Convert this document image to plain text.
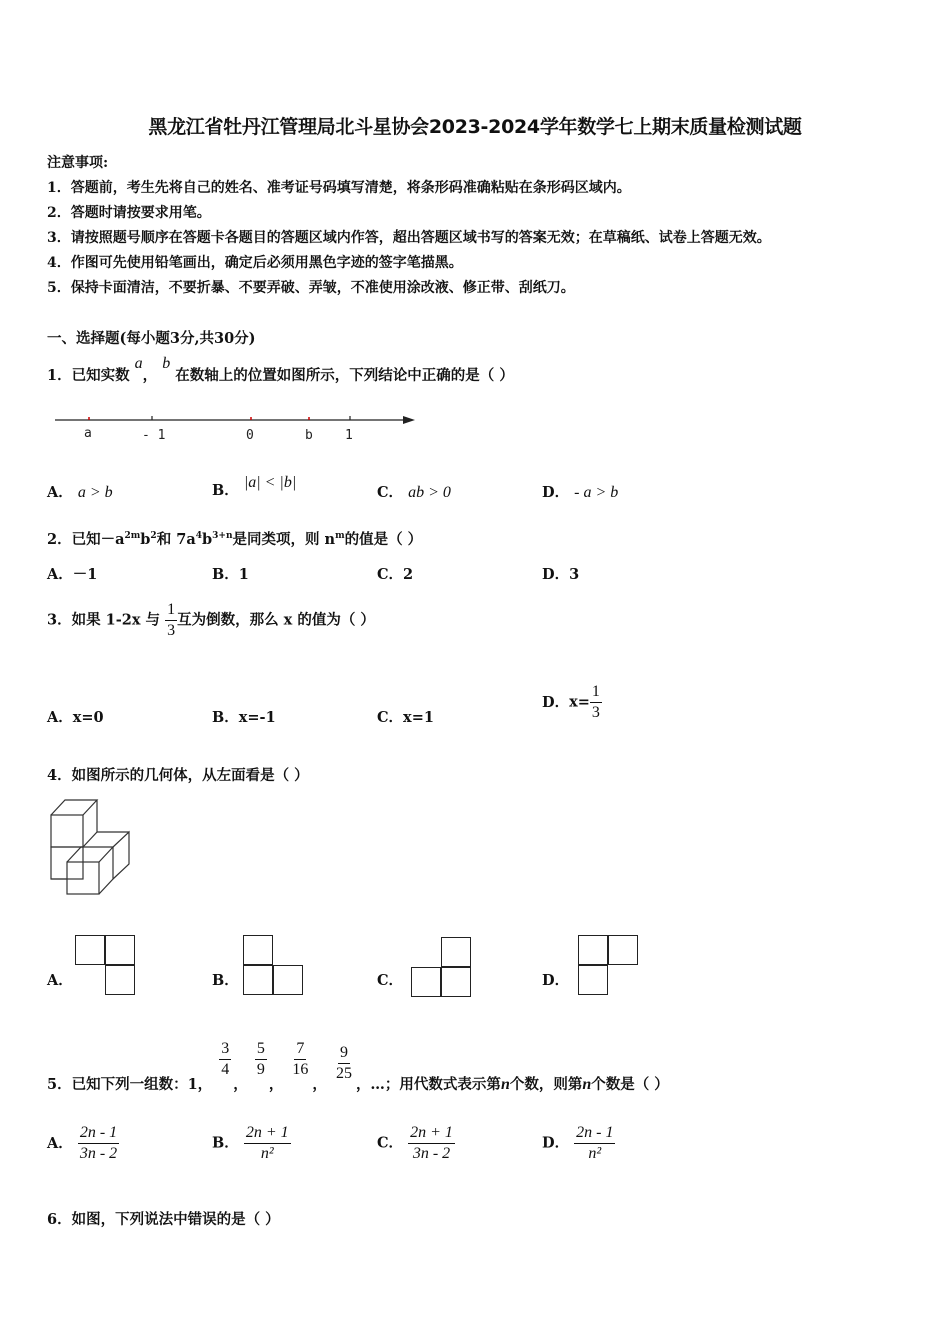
黑龙江省牡丹江管理局北斗星协会2023-2024学年数学七上期末质量检测试题
注意事项:
1．答题前，考生先将自己的姓名、准考证号码填写清楚，将条形码准确粘贴在条形码区域内。
2．答题时请按要求用笔。
3．请按照题号顺序在答题卡各题目的答题区域内作答，超出答题区域书写的答案无效；在草稿纸、试卷上答题无效。
4．作图可先使用铅笔画出，确定后必须用黑色字迹的签字笔描黑。
5．保持卡面清洁，不要折暴、不要弄破、弄皱，不准使用涂改液、修正带、刮纸刀。
一、选择题(每小题3分,共30分)
1．已知实数 a， b 在数轴上的位置如图所示，下列结论中正确的是（ ）
a	- 1	0	b 1
A． a > b	B． |a| < |b|
C． ab > 0	D． - a > b
2．已知$-a^{2m}b^2$和 $7a^4b^{3+n}$是同类项，则 $n^m$的值是（ ）
A．－1	B．1	C．2	D．3
3．如果 1-2x 与 $\frac{1}{3}$ 互为倒数，那么 x 的值为（ ）
A．x=0	B．x=-1	C．x=1
D．$x= \frac{1}{3}$
4．如图所示的几何体，从左面看是（ ）
A．	B．	C．	D．
5．已知下列一组数：1，
$\frac{3}{4}$
，
$\frac{5}{9}$
，
$\frac{7}{16}$
，
$\frac{9}{25}$
，…；用代数式表示第n个数，则第n个数是（ ）
A． $\frac{2n - 1}{3n - 2}$	B． $\frac{2n + 1}{\text{n²}}$	C． $\frac{2n + 1}{3n - 2}$	D． $\frac{2n - 1}{\text{n²}}$
6．如图，下列说法中错误的是（ ）
